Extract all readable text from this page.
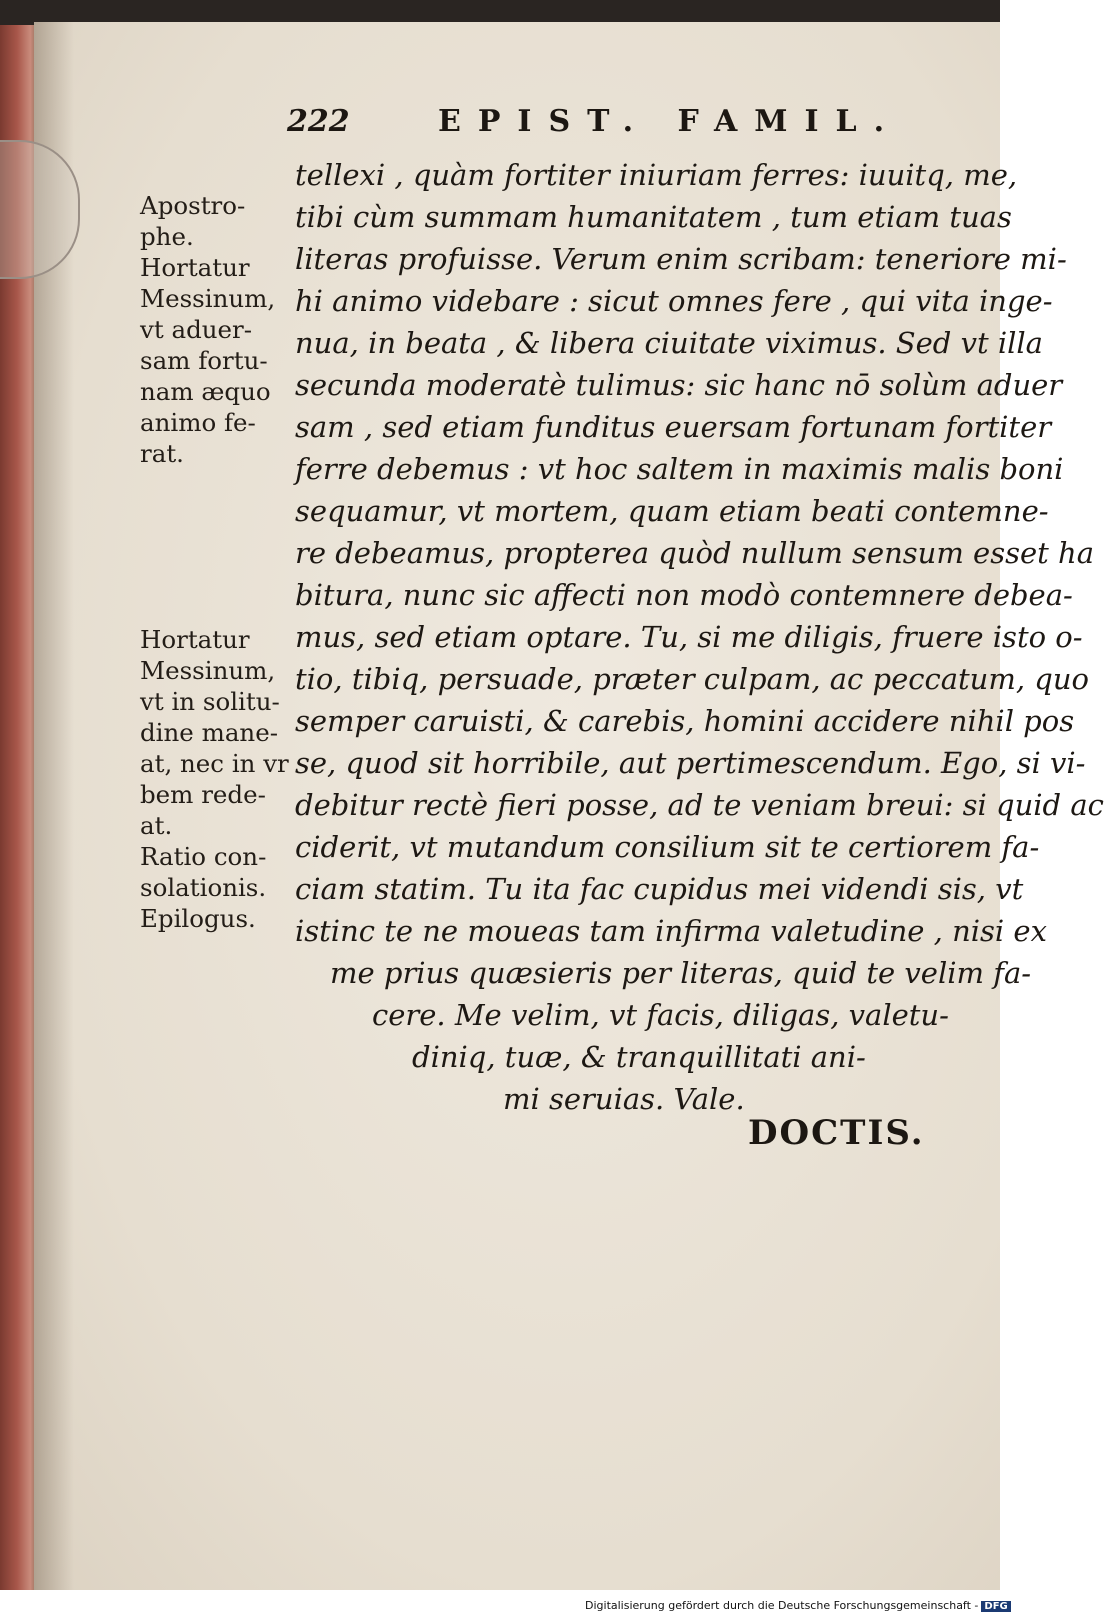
222	EPIST. FAMIL.
Apostro-
phe.
Hortatur
Messinum,
vt aduer-
sam fortu-
nam æquo
animo fe-
rat.

Hortatur
Messinum,
vt in solitu-
dine mane-
at, nec in vr
bem rede-
at.
Ratio con-
solationis.
Epilogus.
tellexi , quàm fortiter iniuriam ferres: iuuitq, me,
tibi cùm summam humanitatem , tum etiam tuas
literas profuisse. Verum enim scribam: teneriore mi-
hi animo videbare : sicut omnes fere , qui vita inge-
nua, in beata , & libera ciuitate viximus. Sed vt illa
secunda moderatè tulimus: sic hanc nō solùm aduer
sam , sed etiam funditus euersam fortunam fortiter
ferre debemus : vt hoc saltem in maximis malis boni
sequamur, vt mortem, quam etiam beati contemne-
re debeamus, propterea quòd nullum sensum esset ha
bitura, nunc sic affecti non modò contemnere debea-
mus, sed etiam optare. Tu, si me diligis, fruere isto o-
tio, tibiq, persuade, præter culpam, ac peccatum, quo
semper caruisti, & carebis, homini accidere nihil pos
se, quod sit horribile, aut pertimescendum. Ego, si vi-
debitur rectè fieri posse, ad te veniam breui: si quid ac
ciderit, vt mutandum consilium sit te certiorem fa-
ciam statim. Tu ita fac cupidus mei videndi sis, vt
istinc te ne moueas tam infirma valetudine , nisi ex
me prius quæsieris per literas, quid te velim fa-
cere. Me velim, vt facis, diligas, valetu-
diniq, tuæ, & tranquillitati ani-
mi seruias. Vale.
DOCTIS.
Digitalisierung gefördert durch die Deutsche Forschungsgemeinschaft - DFG
